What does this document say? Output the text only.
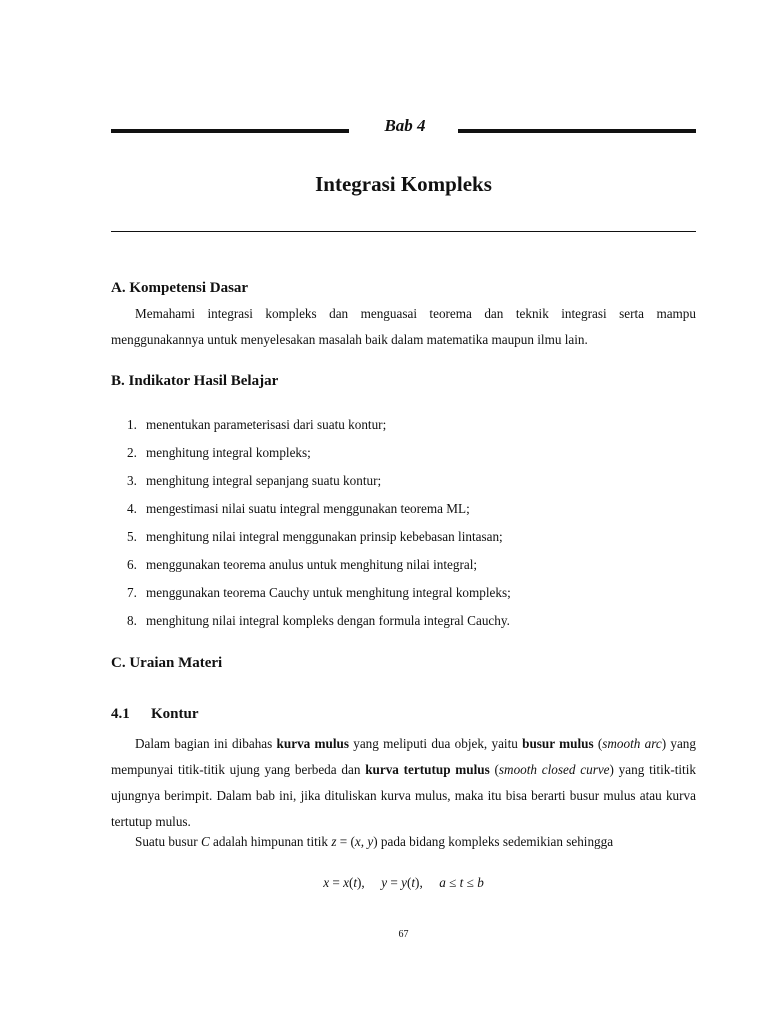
Bab 4
Integrasi Kompleks
A. Kompetensi Dasar
Memahami integrasi kompleks dan menguasai teorema dan teknik integrasi serta mampu menggunakannya untuk menyelesakan masalah baik dalam matematika maupun ilmu lain.
B. Indikator Hasil Belajar
1. menentukan parameterisasi dari suatu kontur;
2. menghitung integral kompleks;
3. menghitung integral sepanjang suatu kontur;
4. mengestimasi nilai suatu integral menggunakan teorema ML;
5. menghitung nilai integral menggunakan prinsip kebebasan lintasan;
6. menggunakan teorema anulus untuk menghitung nilai integral;
7. menggunakan teorema Cauchy untuk menghitung integral kompleks;
8. menghitung nilai integral kompleks dengan formula integral Cauchy.
C. Uraian Materi
4.1 Kontur
Dalam bagian ini dibahas kurva mulus yang meliputi dua objek, yaitu busur mulus (smooth arc) yang mempunyai titik-titik ujung yang berbeda dan kurva tertutup mulus (smooth closed curve) yang titik-titik ujungnya berimpit. Dalam bab ini, jika dituliskan kurva mulus, maka itu bisa berarti busur mulus atau kurva tertutup mulus.
Suatu busur C adalah himpunan titik z = (x, y) pada bidang kompleks sedemikian sehingga
x = x(t),     y = y(t),     a ≤ t ≤ b
67
